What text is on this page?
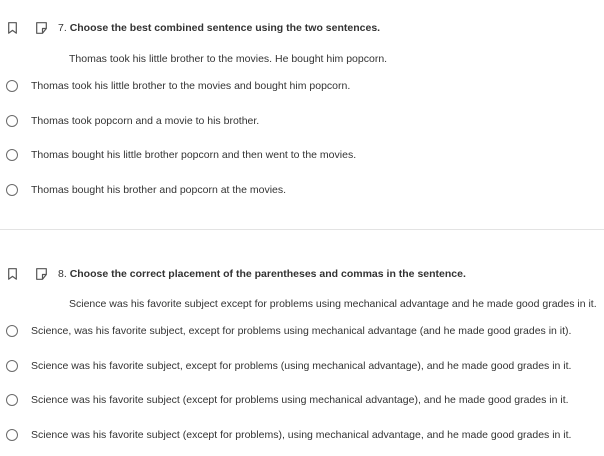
7. Choose the best combined sentence using the two sentences.
Thomas took his little brother to the movies. He bought him popcorn.
Thomas took his little brother to the movies and bought him popcorn.
Thomas took popcorn and a movie to his brother.
Thomas bought his little brother popcorn and then went to the movies.
Thomas bought his brother and popcorn at the movies.
8. Choose the correct placement of the parentheses and commas in the sentence.
Science was his favorite subject except for problems using mechanical advantage and he made good grades in it.
Science, was his favorite subject, except for problems using mechanical advantage (and he made good grades in it).
Science was his favorite subject, except for problems (using mechanical advantage), and he made good grades in it.
Science was his favorite subject (except for problems using mechanical advantage), and he made good grades in it.
Science was his favorite subject (except for problems), using mechanical advantage, and he made good grades in it.
